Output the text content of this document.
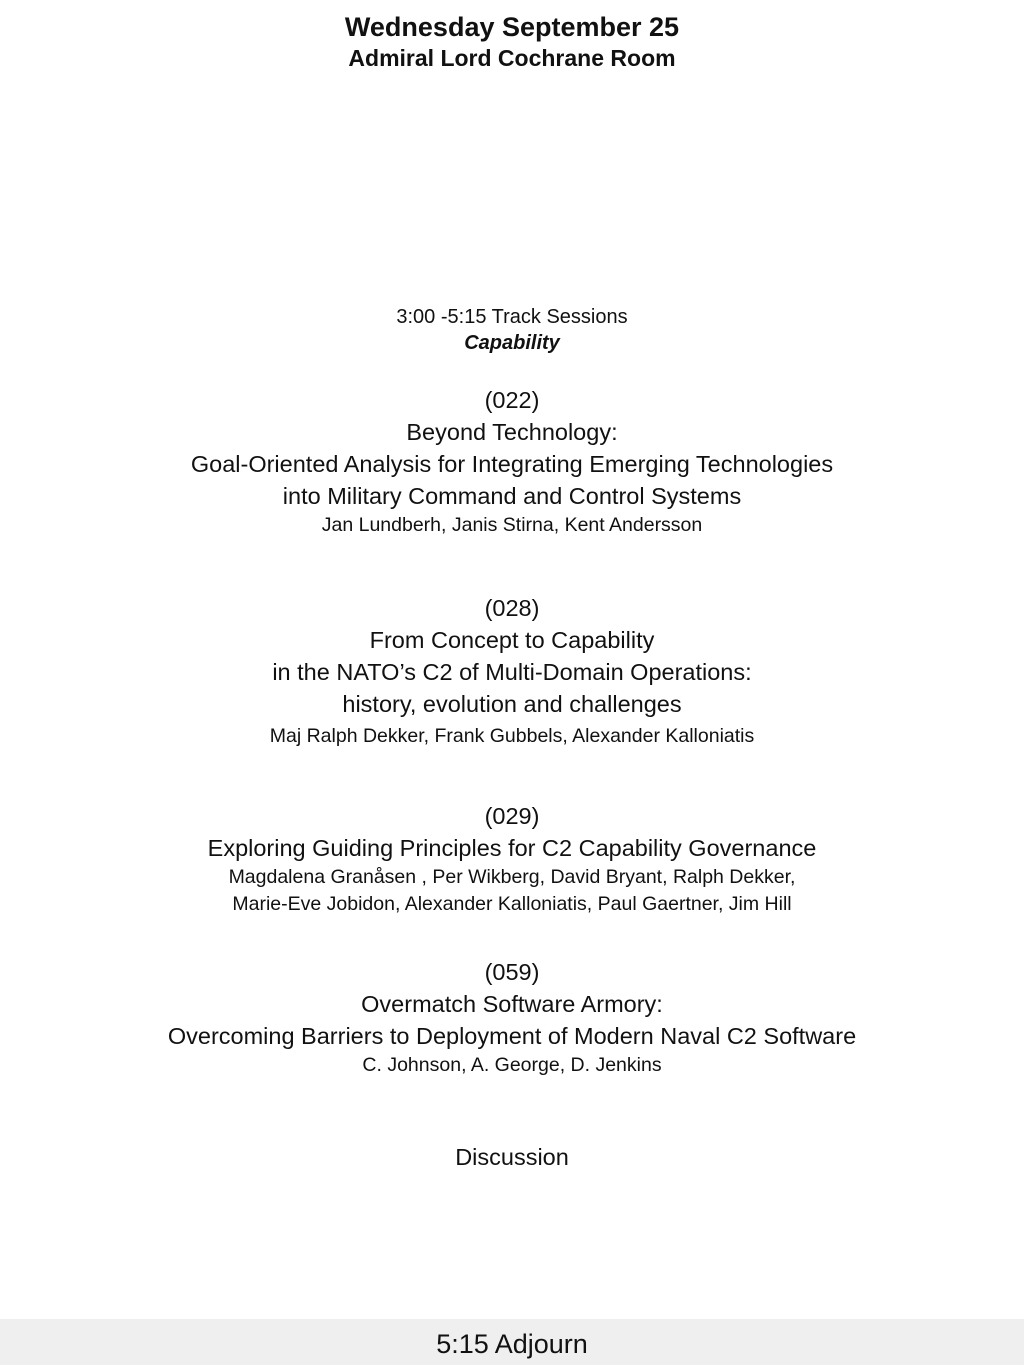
Wednesday September 25
Admiral Lord Cochrane Room
3:00 -5:15 Track Sessions
Capability
(022)
Beyond Technology:
Goal-Oriented Analysis for Integrating Emerging Technologies
into Military Command and Control Systems
Jan Lundberh, Janis Stirna, Kent Andersson
(028)
From Concept to Capability
in the NATO’s C2 of Multi-Domain Operations:
history, evolution and challenges
Maj Ralph Dekker, Frank Gubbels, Alexander Kalloniatis
(029)
Exploring Guiding Principles for C2 Capability Governance
Magdalena Granåsen , Per Wikberg, David Bryant, Ralph Dekker,
Marie-Eve Jobidon, Alexander Kalloniatis, Paul Gaertner, Jim Hill
(059)
Overmatch Software Armory:
Overcoming Barriers to Deployment of Modern Naval C2 Software
C. Johnson, A. George, D. Jenkins
Discussion
5:15 Adjourn
